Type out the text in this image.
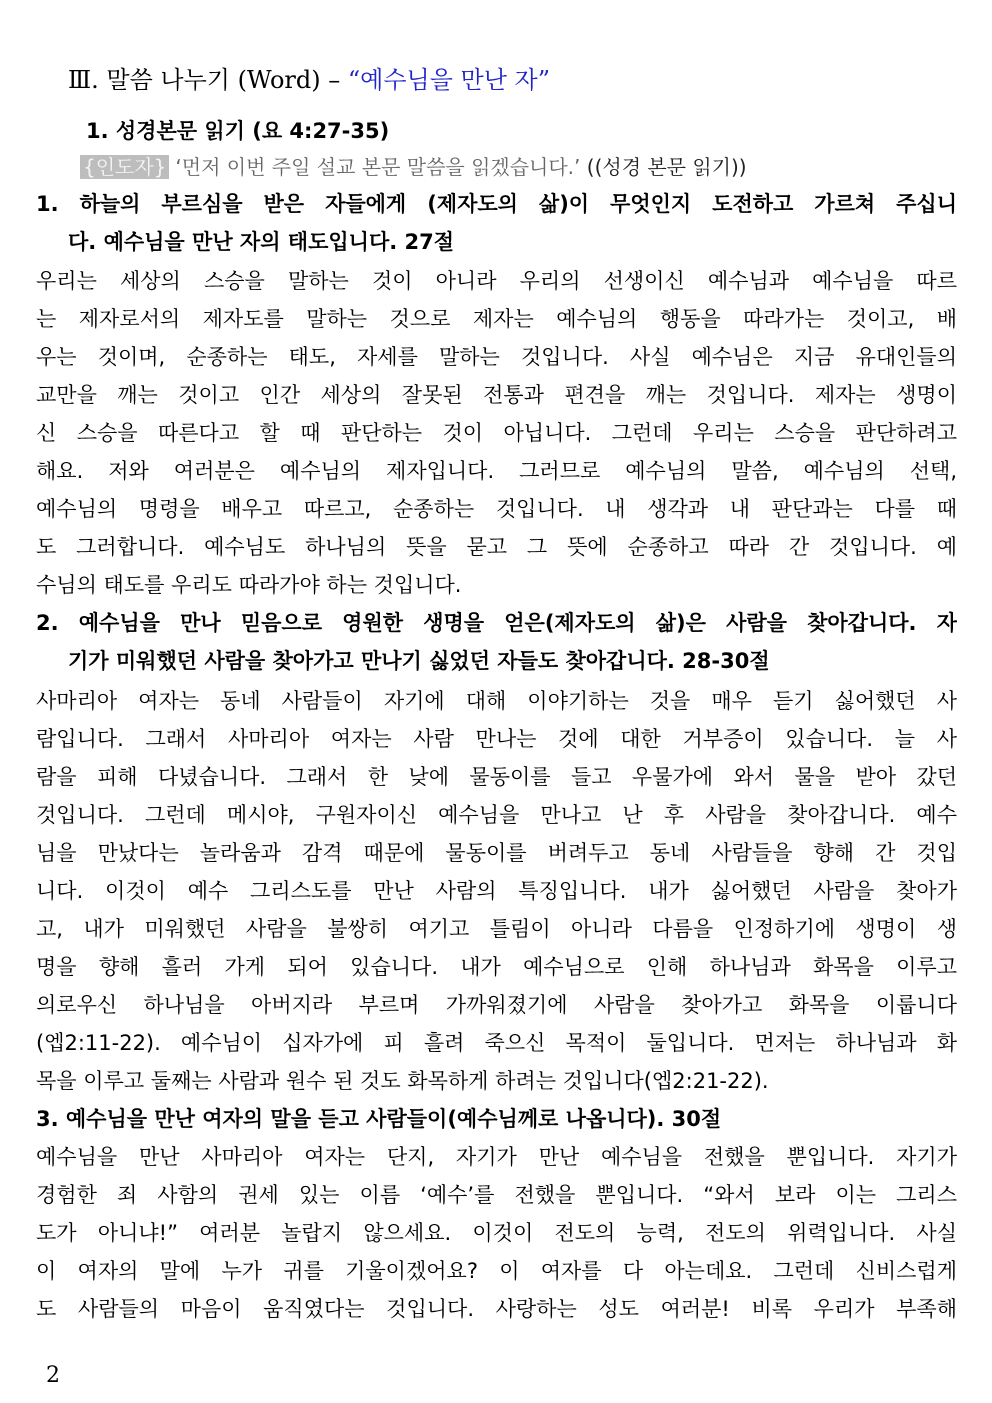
Ⅲ. 말씀 나누기 (Word) – “예수님을 만난 자”
1. 성경본문 읽기 (요 4:27-35)
{인도자} ‘먼저 이번 주일 설교 본문 말씀을 읽겠습니다.’ ((성경 본문 읽기))
1. 하늘의 부르심을 받은 자들에게 (제자도의 삶)이 무엇인지 도전하고 가르쳐 주십니
다. 예수님을 만난 자의 태도입니다. 27절
우리는 세상의 스승을 말하는 것이 아니라 우리의 선생이신 예수님과 예수님을 따르
는 제자로서의 제자도를 말하는 것으로 제자는 예수님의 행동을 따라가는 것이고, 배
우는 것이며, 순종하는 태도, 자세를 말하는 것입니다. 사실 예수님은 지금 유대인들의
교만을 깨는 것이고 인간 세상의 잘못된 전통과 편견을 깨는 것입니다. 제자는 생명이
신 스승을 따른다고 할 때 판단하는 것이 아닙니다. 그런데 우리는 스승을 판단하려고
해요. 저와 여러분은 예수님의 제자입니다. 그러므로 예수님의 말씀, 예수님의 선택,
예수님의 명령을 배우고 따르고, 순종하는 것입니다. 내 생각과 내 판단과는 다를 때
도 그러합니다. 예수님도 하나님의 뜻을 묻고 그 뜻에 순종하고 따라 간 것입니다. 예
수님의 태도를 우리도 따라가야 하는 것입니다.
2. 예수님을 만나 믿음으로 영원한 생명을 얻은(제자도의 삶)은 사람을 찾아갑니다. 자
기가 미워했던 사람을 찾아가고 만나기 싫었던 자들도 찾아갑니다. 28-30절
사마리아 여자는 동네 사람들이 자기에 대해 이야기하는 것을 매우 듣기 싫어했던 사
람입니다. 그래서 사마리아 여자는 사람 만나는 것에 대한 거부증이 있습니다. 늘 사
람을 피해 다녔습니다. 그래서 한 낮에 물동이를 들고 우물가에 와서 물을 받아 갔던
것입니다. 그런데 메시야, 구원자이신 예수님을 만나고 난 후 사람을 찾아갑니다. 예수
님을 만났다는 놀라움과 감격 때문에 물동이를 버려두고 동네 사람들을 향해 간 것입
니다. 이것이 예수 그리스도를 만난 사람의 특징입니다. 내가 싫어했던 사람을 찾아가
고, 내가 미워했던 사람을 불쌍히 여기고 틀림이 아니라 다름을 인정하기에 생명이 생
명을 향해 흘러 가게 되어 있습니다. 내가 예수님으로 인해 하나님과 화목을 이루고
의로우신 하나님을 아버지라 부르며 가까워졌기에 사람을 찾아가고 화목을 이룹니다
(엡2:11-22). 예수님이 십자가에 피 흘려 죽으신 목적이 둘입니다. 먼저는 하나님과 화
목을 이루고 둘째는 사람과 원수 된 것도 화목하게 하려는 것입니다(엡2:21-22).
3. 예수님을 만난 여자의 말을 듣고 사람들이(예수님께로 나옵니다). 30절
예수님을 만난 사마리아 여자는 단지, 자기가 만난 예수님을 전했을 뿐입니다. 자기가
경험한 죄 사함의 권세 있는 이름 ‘예수’를 전했을 뿐입니다. “와서 보라 이는 그리스
도가 아니냐!” 여러분 놀랍지 않으세요. 이것이 전도의 능력, 전도의 위력입니다. 사실
이 여자의 말에 누가 귀를 기울이겠어요? 이 여자를 다 아는데요. 그런데 신비스럽게
도 사람들의 마음이 움직였다는 것입니다. 사랑하는 성도 여러분! 비록 우리가 부족해
2
